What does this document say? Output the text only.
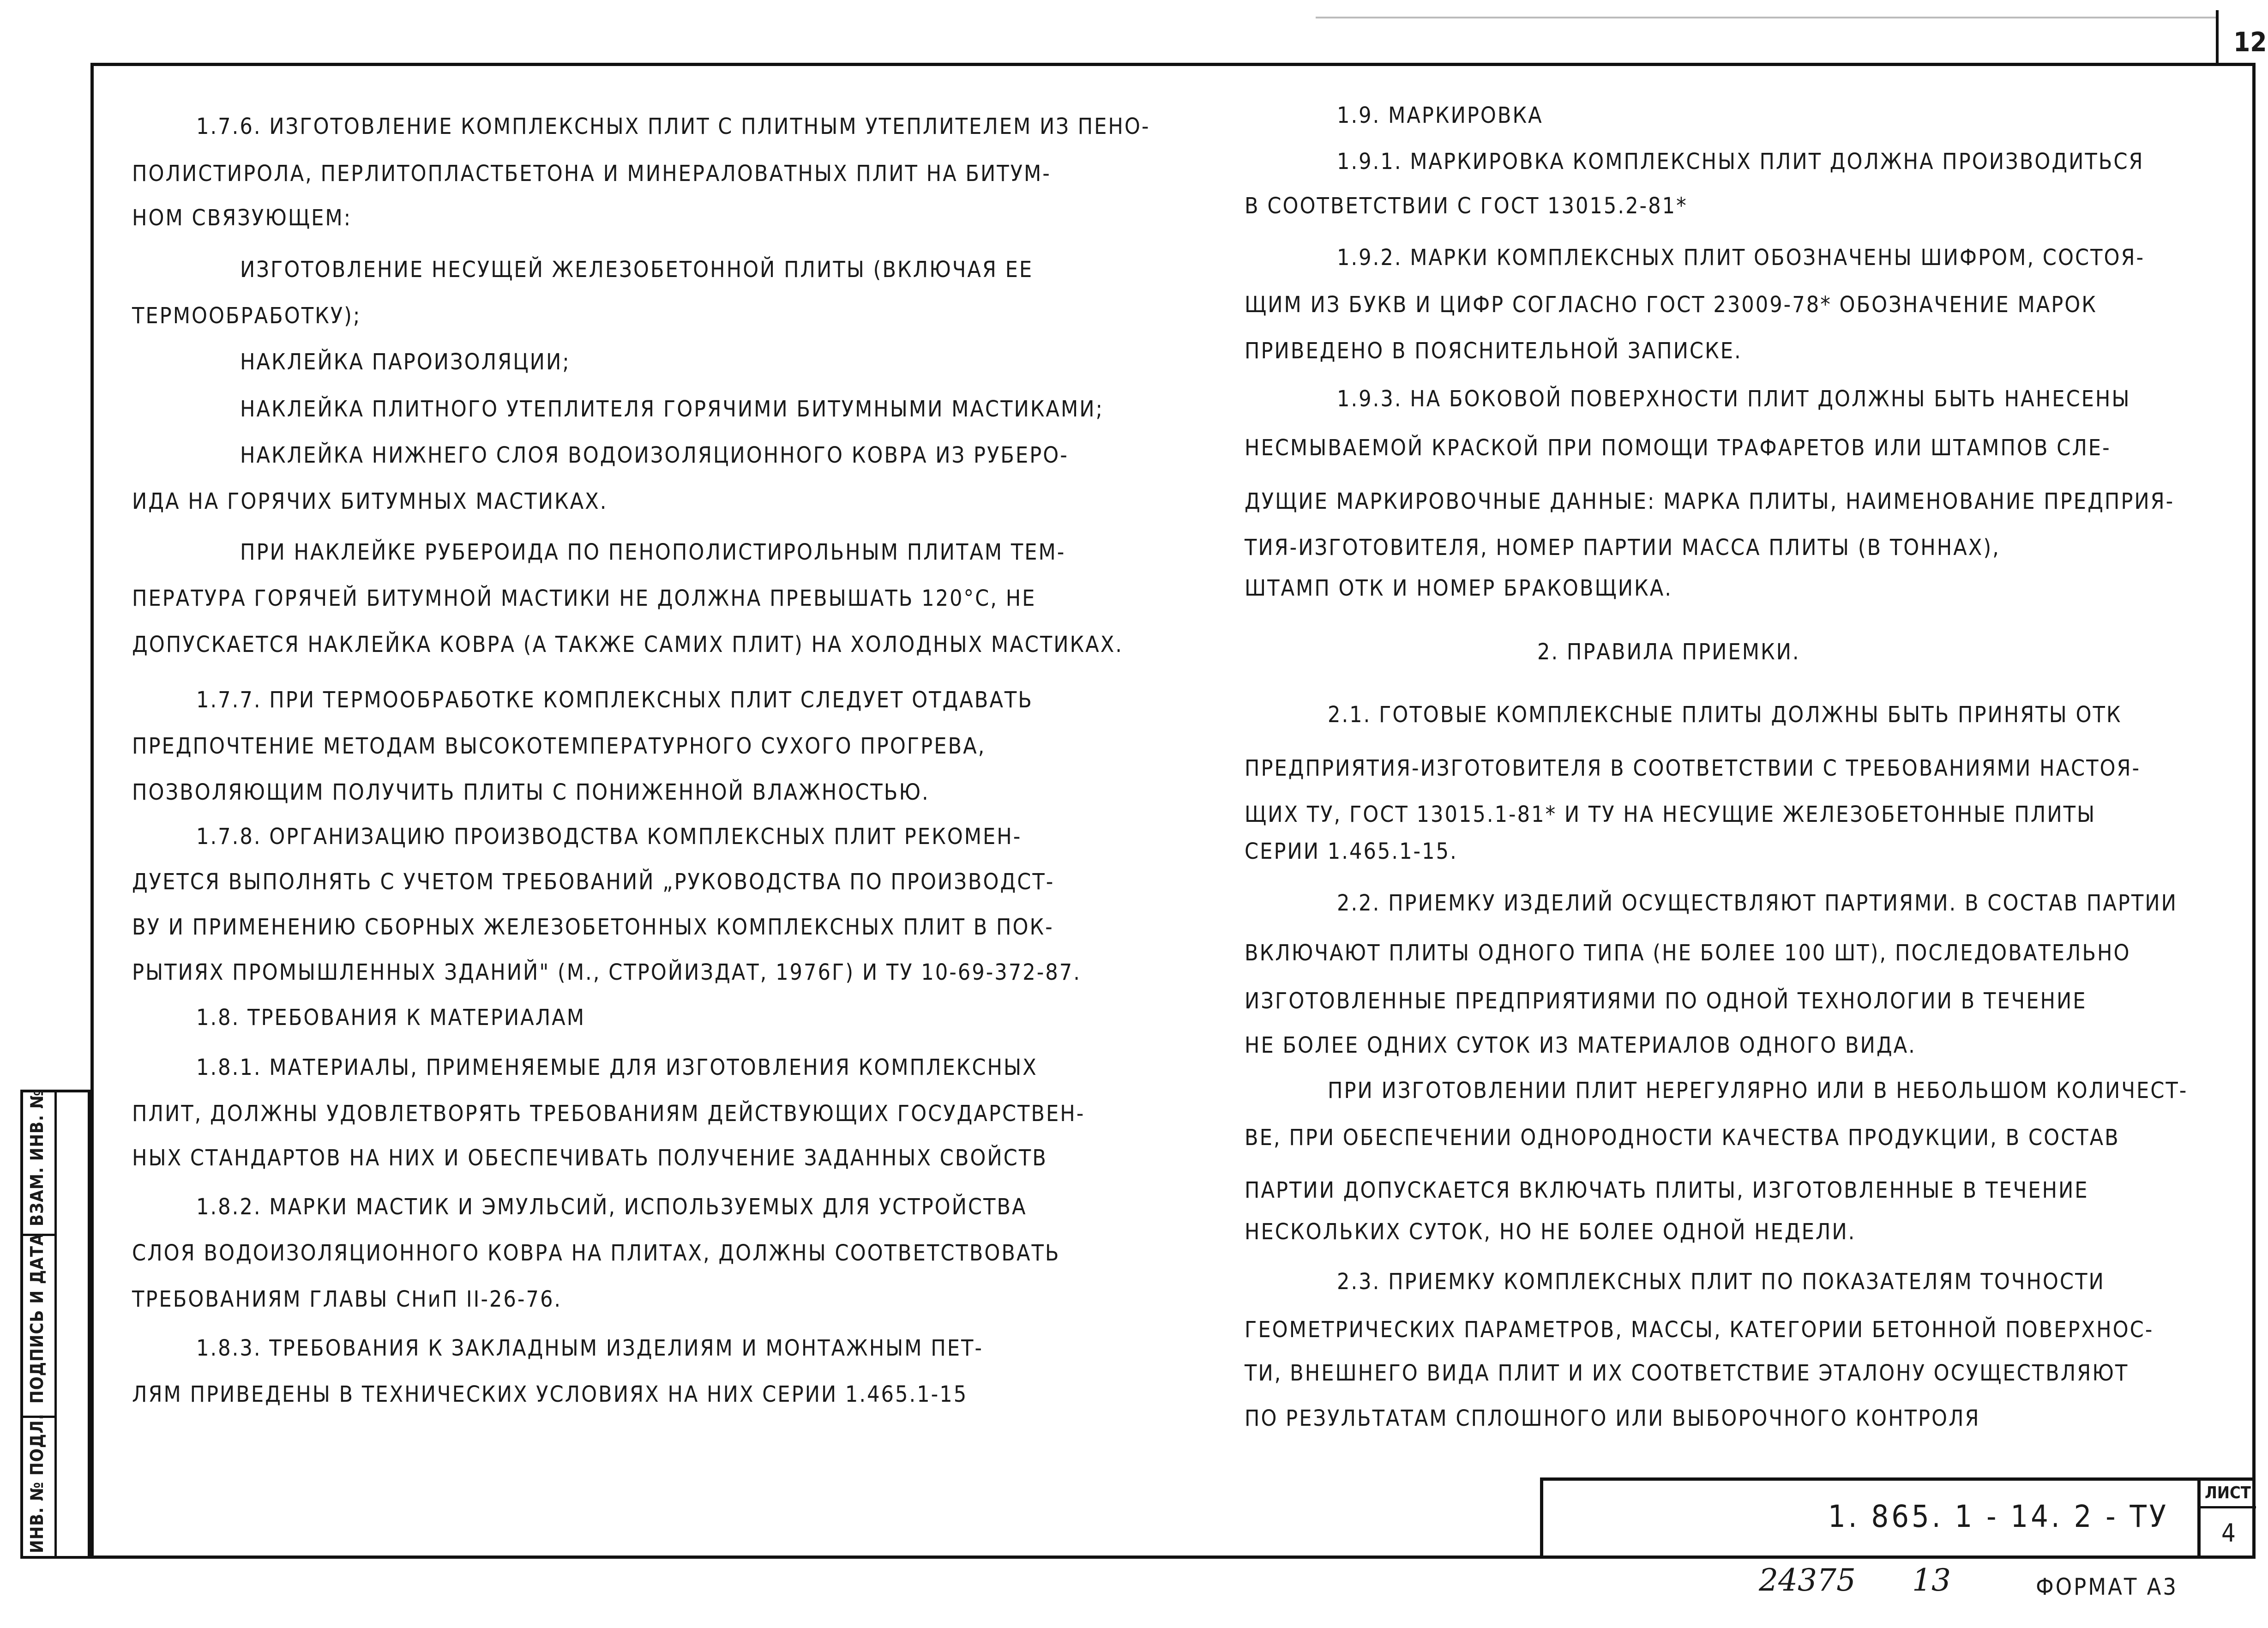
12
1.7.6. ИЗГОТОВЛЕНИЕ КОМПЛЕКСНЫХ ПЛИТ С ПЛИТНЫМ УТЕПЛИТЕЛЕМ ИЗ ПЕНО-
ПОЛИСТИРОЛА, ПЕРЛИТОПЛАСТБЕТОНА И МИНЕРАЛОВАТНЫХ ПЛИТ НА БИТУМ-
НОМ СВЯЗУЮЩЕМ:
ИЗГОТОВЛЕНИЕ НЕСУЩЕЙ ЖЕЛЕЗОБЕТОННОЙ ПЛИТЫ (ВКЛЮЧАЯ ЕЕ
ТЕРМООБРАБОТКУ);
НАКЛЕЙКА ПАРОИЗОЛЯЦИИ;
НАКЛЕЙКА ПЛИТНОГО УТЕПЛИТЕЛЯ ГОРЯЧИМИ БИТУМНЫМИ МАСТИКАМИ;
НАКЛЕЙКА НИЖНЕГО СЛОЯ ВОДОИЗОЛЯЦИОННОГО КОВРА ИЗ РУБЕРО-
ИДА НА ГОРЯЧИХ БИТУМНЫХ МАСТИКАХ.
ПРИ НАКЛЕЙКЕ РУБЕРОИДА ПО ПЕНОПОЛИСТИРОЛЬНЫМ ПЛИТАМ ТЕМ-
ПЕРАТУРА ГОРЯЧЕЙ БИТУМНОЙ МАСТИКИ НЕ ДОЛЖНА ПРЕВЫШАТЬ 120°С, НЕ
ДОПУСКАЕТСЯ НАКЛЕЙКА КОВРА (А ТАКЖЕ САМИХ ПЛИТ) НА ХОЛОДНЫХ МАСТИКАХ.
1.7.7. ПРИ ТЕРМООБРАБОТКЕ КОМПЛЕКСНЫХ ПЛИТ СЛЕДУЕТ ОТДАВАТЬ
ПРЕДПОЧТЕНИЕ МЕТОДАМ ВЫСОКОТЕМПЕРАТУРНОГО СУХОГО ПРОГРЕВА,
ПОЗВОЛЯЮЩИМ ПОЛУЧИТЬ ПЛИТЫ С ПОНИЖЕННОЙ ВЛАЖНОСТЬЮ.
1.7.8. ОРГАНИЗАЦИЮ ПРОИЗВОДСТВА КОМПЛЕКСНЫХ ПЛИТ РЕКОМЕН-
ДУЕТСЯ ВЫПОЛНЯТЬ С УЧЕТОМ ТРЕБОВАНИЙ „РУКОВОДСТВА ПО ПРОИЗВОДСТ-
ВУ И ПРИМЕНЕНИЮ СБОРНЫХ ЖЕЛЕЗОБЕТОННЫХ КОМПЛЕКСНЫХ ПЛИТ В ПОК-
РЫТИЯХ ПРОМЫШЛЕННЫХ ЗДАНИЙ" (М., СТРОЙИЗДАТ, 1976Г) И ТУ 10-69-372-87.
1.8. ТРЕБОВАНИЯ К МАТЕРИАЛАМ
1.8.1. МАТЕРИАЛЫ, ПРИМЕНЯЕМЫЕ ДЛЯ ИЗГОТОВЛЕНИЯ КОМПЛЕКСНЫХ
ПЛИТ, ДОЛЖНЫ УДОВЛЕТВОРЯТЬ ТРЕБОВАНИЯМ ДЕЙСТВУЮЩИХ ГОСУДАРСТВЕН-
НЫХ СТАНДАРТОВ НА НИХ И ОБЕСПЕЧИВАТЬ ПОЛУЧЕНИЕ ЗАДАННЫХ СВОЙСТВ
1.8.2. МАРКИ МАСТИК И ЭМУЛЬСИЙ, ИСПОЛЬЗУЕМЫХ ДЛЯ УСТРОЙСТВА
СЛОЯ ВОДОИЗОЛЯЦИОННОГО КОВРА НА ПЛИТАХ, ДОЛЖНЫ СООТВЕТСТВОВАТЬ
ТРЕБОВАНИЯМ ГЛАВЫ СНиП II-26-76.
1.8.3. ТРЕБОВАНИЯ К ЗАКЛАДНЫМ ИЗДЕЛИЯМ И МОНТАЖНЫМ ПЕТ-
ЛЯМ ПРИВЕДЕНЫ В ТЕХНИЧЕСКИХ УСЛОВИЯХ НА НИХ СЕРИИ 1.465.1-15
1.9. МАРКИРОВКА
1.9.1. МАРКИРОВКА КОМПЛЕКСНЫХ ПЛИТ ДОЛЖНА ПРОИЗВОДИТЬСЯ
В СООТВЕТСТВИИ С ГОСТ 13015.2-81*
1.9.2. МАРКИ КОМПЛЕКСНЫХ ПЛИТ ОБОЗНАЧЕНЫ ШИФРОМ, СОСТОЯ-
ЩИМ ИЗ БУКВ И ЦИФР СОГЛАСНО ГОСТ 23009-78* ОБОЗНАЧЕНИЕ МАРОК
ПРИВЕДЕНО В ПОЯСНИТЕЛЬНОЙ ЗАПИСКЕ.
1.9.3. НА БОКОВОЙ ПОВЕРХНОСТИ ПЛИТ ДОЛЖНЫ БЫТЬ НАНЕСЕНЫ
НЕСМЫВАЕМОЙ КРАСКОЙ ПРИ ПОМОЩИ ТРАФАРЕТОВ ИЛИ ШТАМПОВ СЛЕ-
ДУЩИЕ МАРКИРОВОЧНЫЕ ДАННЫЕ: МАРКА ПЛИТЫ, НАИМЕНОВАНИЕ ПРЕДПРИЯ-
ТИЯ-ИЗГОТОВИТЕЛЯ, НОМЕР ПАРТИИ МАССА ПЛИТЫ (В ТОННАХ),
ШТАМП ОТК И НОМЕР БРАКОВЩИКА.
2. ПРАВИЛА ПРИЕМКИ.
2.1. ГОТОВЫЕ КОМПЛЕКСНЫЕ ПЛИТЫ ДОЛЖНЫ БЫТЬ ПРИНЯТЫ ОТК
ПРЕДПРИЯТИЯ-ИЗГОТОВИТЕЛЯ В СООТВЕТСТВИИ С ТРЕБОВАНИЯМИ НАСТОЯ-
ЩИХ ТУ, ГОСТ 13015.1-81* И ТУ НА НЕСУЩИЕ ЖЕЛЕЗОБЕТОННЫЕ ПЛИТЫ
СЕРИИ 1.465.1-15.
2.2. ПРИЕМКУ ИЗДЕЛИЙ ОСУЩЕСТВЛЯЮТ ПАРТИЯМИ. В СОСТАВ ПАРТИИ
ВКЛЮЧАЮТ ПЛИТЫ ОДНОГО ТИПА (НЕ БОЛЕЕ 100 ШТ), ПОСЛЕДОВАТЕЛЬНО
ИЗГОТОВЛЕННЫЕ ПРЕДПРИЯТИЯМИ ПО ОДНОЙ ТЕХНОЛОГИИ В ТЕЧЕНИЕ
НЕ БОЛЕЕ ОДНИХ СУТОК ИЗ МАТЕРИАЛОВ ОДНОГО ВИДА.
ПРИ ИЗГОТОВЛЕНИИ ПЛИТ НЕРЕГУЛЯРНО ИЛИ В НЕБОЛЬШОМ КОЛИЧЕСТ-
ВЕ, ПРИ ОБЕСПЕЧЕНИИ ОДНОРОДНОСТИ КАЧЕСТВА ПРОДУКЦИИ, В СОСТАВ
ПАРТИИ ДОПУСКАЕТСЯ ВКЛЮЧАТЬ ПЛИТЫ, ИЗГОТОВЛЕННЫЕ В ТЕЧЕНИЕ
НЕСКОЛЬКИХ СУТОК, НО НЕ БОЛЕЕ ОДНОЙ НЕДЕЛИ.
2.3. ПРИЕМКУ КОМПЛЕКСНЫХ ПЛИТ ПО ПОКАЗАТЕЛЯМ ТОЧНОСТИ
ГЕОМЕТРИЧЕСКИХ ПАРАМЕТРОВ, МАССЫ, КАТЕГОРИИ БЕТОННОЙ ПОВЕРХНОС-
ТИ, ВНЕШНЕГО ВИДА ПЛИТ И ИХ СООТВЕТСТВИЕ ЭТАЛОНУ ОСУЩЕСТВЛЯЮТ
ПО РЕЗУЛЬТАТАМ СПЛОШНОГО ИЛИ ВЫБОРОЧНОГО КОНТРОЛЯ
ИНВ. № ПОДЛ.
ПОДПИСЬ И ДАТА
ВЗАМ. ИНВ. №
1. 865. 1 - 14. 2 - ТУ
ЛИСТ
4
24375 13	ФОРМАТ А3
